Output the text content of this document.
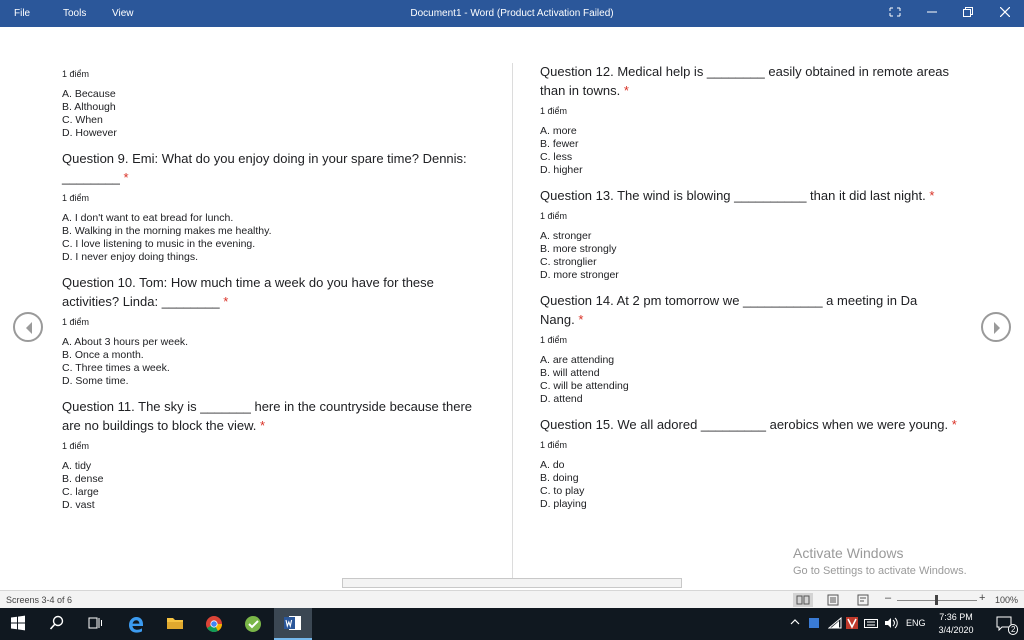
File	Tools	View	Document1 - Word (Product Activation Failed)
1 điểm
A. Because
B. Although
C. When
D. However
Question 9. Emi: What do you enjoy doing in your spare time? Dennis:
________ *
1 điểm
A. I don't want to eat bread for lunch.
B. Walking in the morning makes me healthy.
C. I love listening to music in the evening.
D. I never enjoy doing things.
Question 10. Tom: How much time a week do you have for these
activities? Linda: ________ *
1 điểm
A. About 3 hours per week.
B. Once a month.
C. Three times a week.
D. Some time.
Question 11. The sky is _______ here in the countryside because there
are no buildings to block the view. *
1 điểm
A. tidy
B. dense
C. large
D. vast
Question 12. Medical help is ________ easily obtained in remote areas
than in towns. *
1 điểm
A. more
B. fewer
C. less
D. higher
Question 13. The wind is blowing __________ than it did last night. *
1 điểm
A. stronger
B. more strongly
C. stronglier
D. more stronger
Question 14. At 2 pm tomorrow we ___________ a meeting in Da
Nang. *
1 điểm
A. are attending
B. will attend
C. will be attending
D. attend
Question 15. We all adored _________ aerobics when we were young. *
1 điểm
A. do
B. doing
C. to play
D. playing
Activate Windows
Go to Settings to activate Windows.
Screens 3-4 of 6	–	+ 100%
ENG
7:36 PM
3/4/2020	2
